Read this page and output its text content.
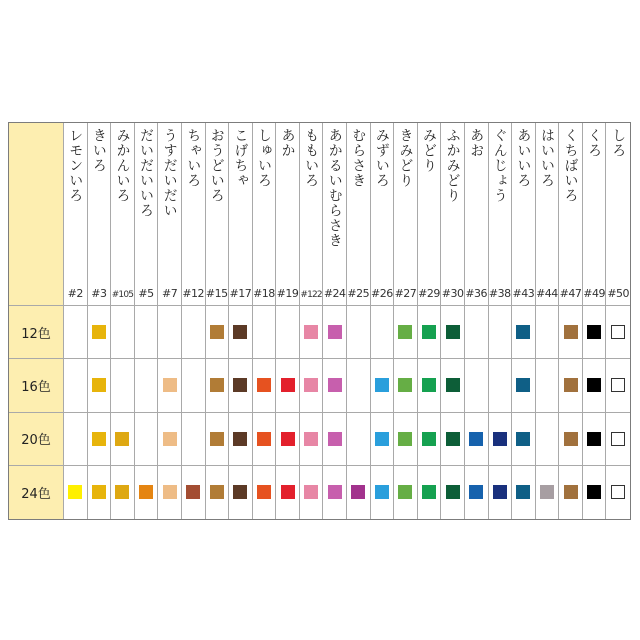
レモンいろ
#2
きいろ
#3
みかんいろ
#105
だいだいいろ
#5
うすだいだい
#7
ちゃいろ
#12
おうどいろ
#15
こげちゃ
#17
しゅいろ
#18
あか
#19
ももいろ
#122
あかるいむらさき
#24
むらさき
#25
みずいろ
#26
きみどり
#27
みどり
#29
ふかみどり
#30
あお
#36
ぐんじょう
#38
あいいろ
#43
はいいろ
#44
くちばいろ
#47
くろ
#49
しろ
#50
12色
16色
20色
24色
